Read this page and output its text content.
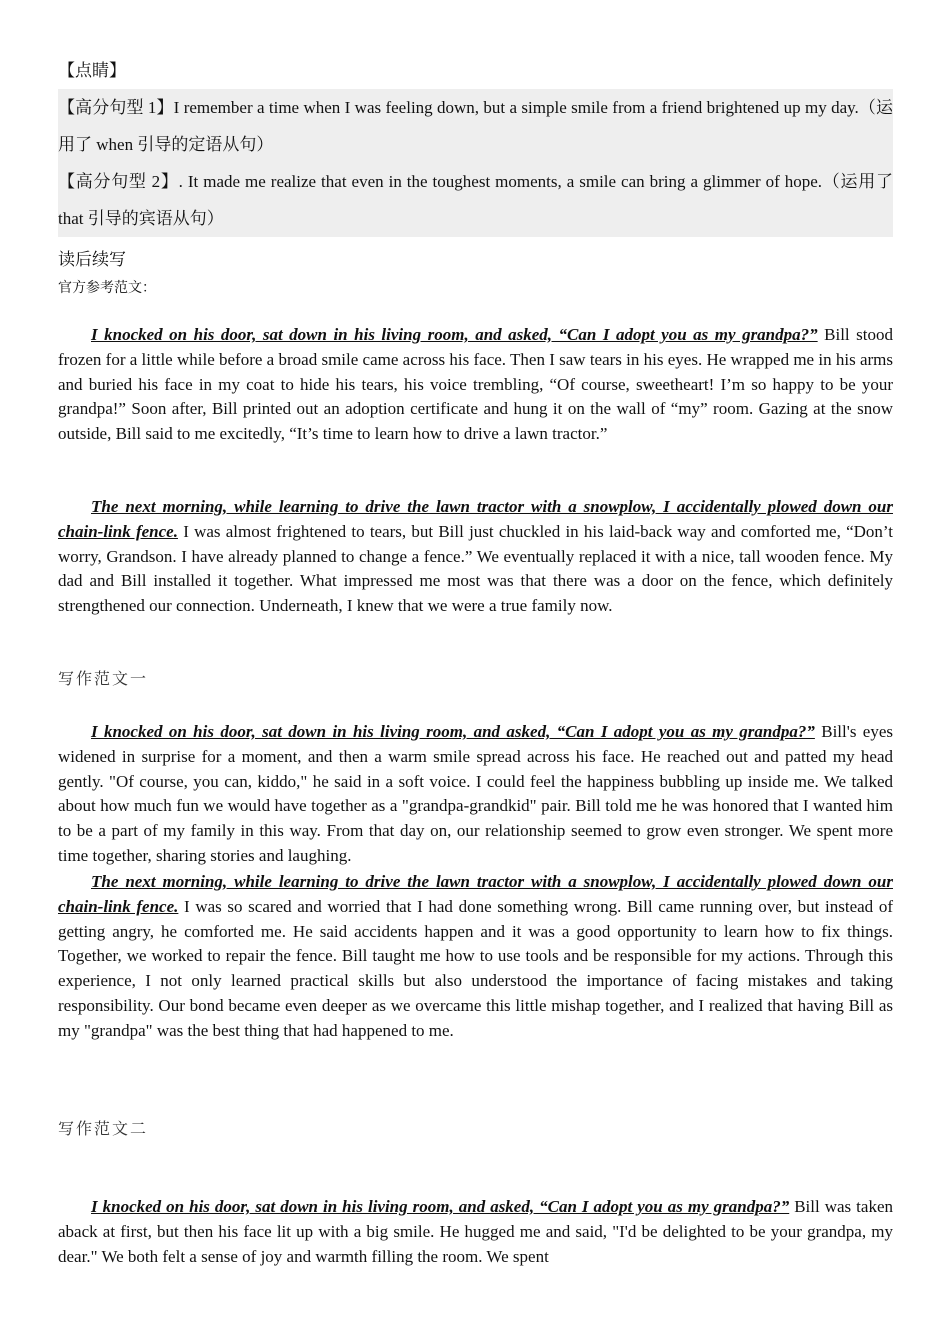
【点睛】
【高分句型 1】I remember a time when I was feeling down, but a simple smile from a friend brightened up my day.（运用了 when 引导的定语从句）
【高分句型 2】. It made me realize that even in the toughest moments, a smile can bring a glimmer of hope.（运用了 that 引导的宾语从句）
读后续写
官方参考范文：
I knocked on his door, sat down in his living room, and asked, “Can I adopt you as my grandpa?” Bill stood frozen for a little while before a broad smile came across his face. Then I saw tears in his eyes. He wrapped me in his arms and buried his face in my coat to hide his tears, his voice trembling, “Of course, sweetheart! I’m so happy to be your grandpa!” Soon after, Bill printed out an adoption certificate and hung it on the wall of “my” room. Gazing at the snow outside, Bill said to me excitedly, “It’s time to learn how to drive a lawn tractor.”
The next morning, while learning to drive the lawn tractor with a snowplow, I accidentally plowed down our chain-link fence. I was almost frightened to tears, but Bill just chuckled in his laid-back way and comforted me, “Don’t worry, Grandson. I have already planned to change a fence.” We eventually replaced it with a nice, tall wooden fence. My dad and Bill installed it together. What impressed me most was that there was a door on the fence, which definitely strengthened our connection. Underneath, I knew that we were a true family now.
写作范文一
I knocked on his door, sat down in his living room, and asked, “Can I adopt you as my grandpa?” Bill's eyes widened in surprise for a moment, and then a warm smile spread across his face. He reached out and patted my head gently. "Of course, you can, kiddo," he said in a soft voice. I could feel the happiness bubbling up inside me. We talked about how much fun we would have together as a "grandpa-grandkid" pair. Bill told me he was honored that I wanted him to be a part of my family in this way. From that day on, our relationship seemed to grow even stronger. We spent more time together, sharing stories and laughing.
The next morning, while learning to drive the lawn tractor with a snowplow, I accidentally plowed down our chain-link fence. I was so scared and worried that I had done something wrong. Bill came running over, but instead of getting angry, he comforted me. He said accidents happen and it was a good opportunity to learn how to fix things. Together, we worked to repair the fence. Bill taught me how to use tools and be responsible for my actions. Through this experience, I not only learned practical skills but also understood the importance of facing mistakes and taking responsibility. Our bond became even deeper as we overcame this little mishap together, and I realized that having Bill as my "grandpa" was the best thing that had happened to me.
写作范文二
I knocked on his door, sat down in his living room, and asked, “Can I adopt you as my grandpa?” Bill was taken aback at first, but then his face lit up with a big smile. He hugged me and said, "I'd be delighted to be your grandpa, my dear." We both felt a sense of joy and warmth filling the room. We spent
